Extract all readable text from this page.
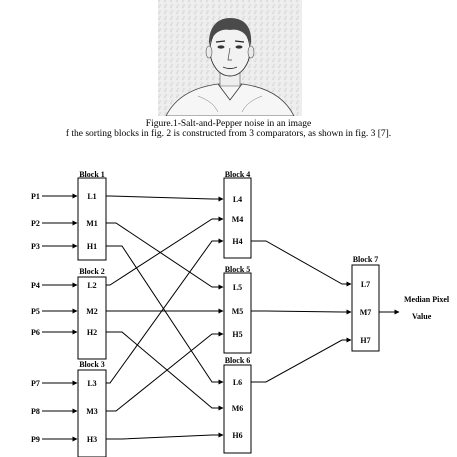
Figure.1-Salt-and-Pepper noise in an image
f the sorting blocks in fig. 2 is constructed from 3 comparators, as shown in fig. 3 [7].
Block 1
L1
M1
H1
Block 2
L2
M2
H2
Block 3
L3
M3
H3
Block 4
L4
M4
H4
Block 5
L5
M5
H5
Block 6
L6
M6
H6
Block 7
L7
M7
H7
P1
P2
P3
P4
P5
P6
P7
P8
P9
Median Pixel
Value
